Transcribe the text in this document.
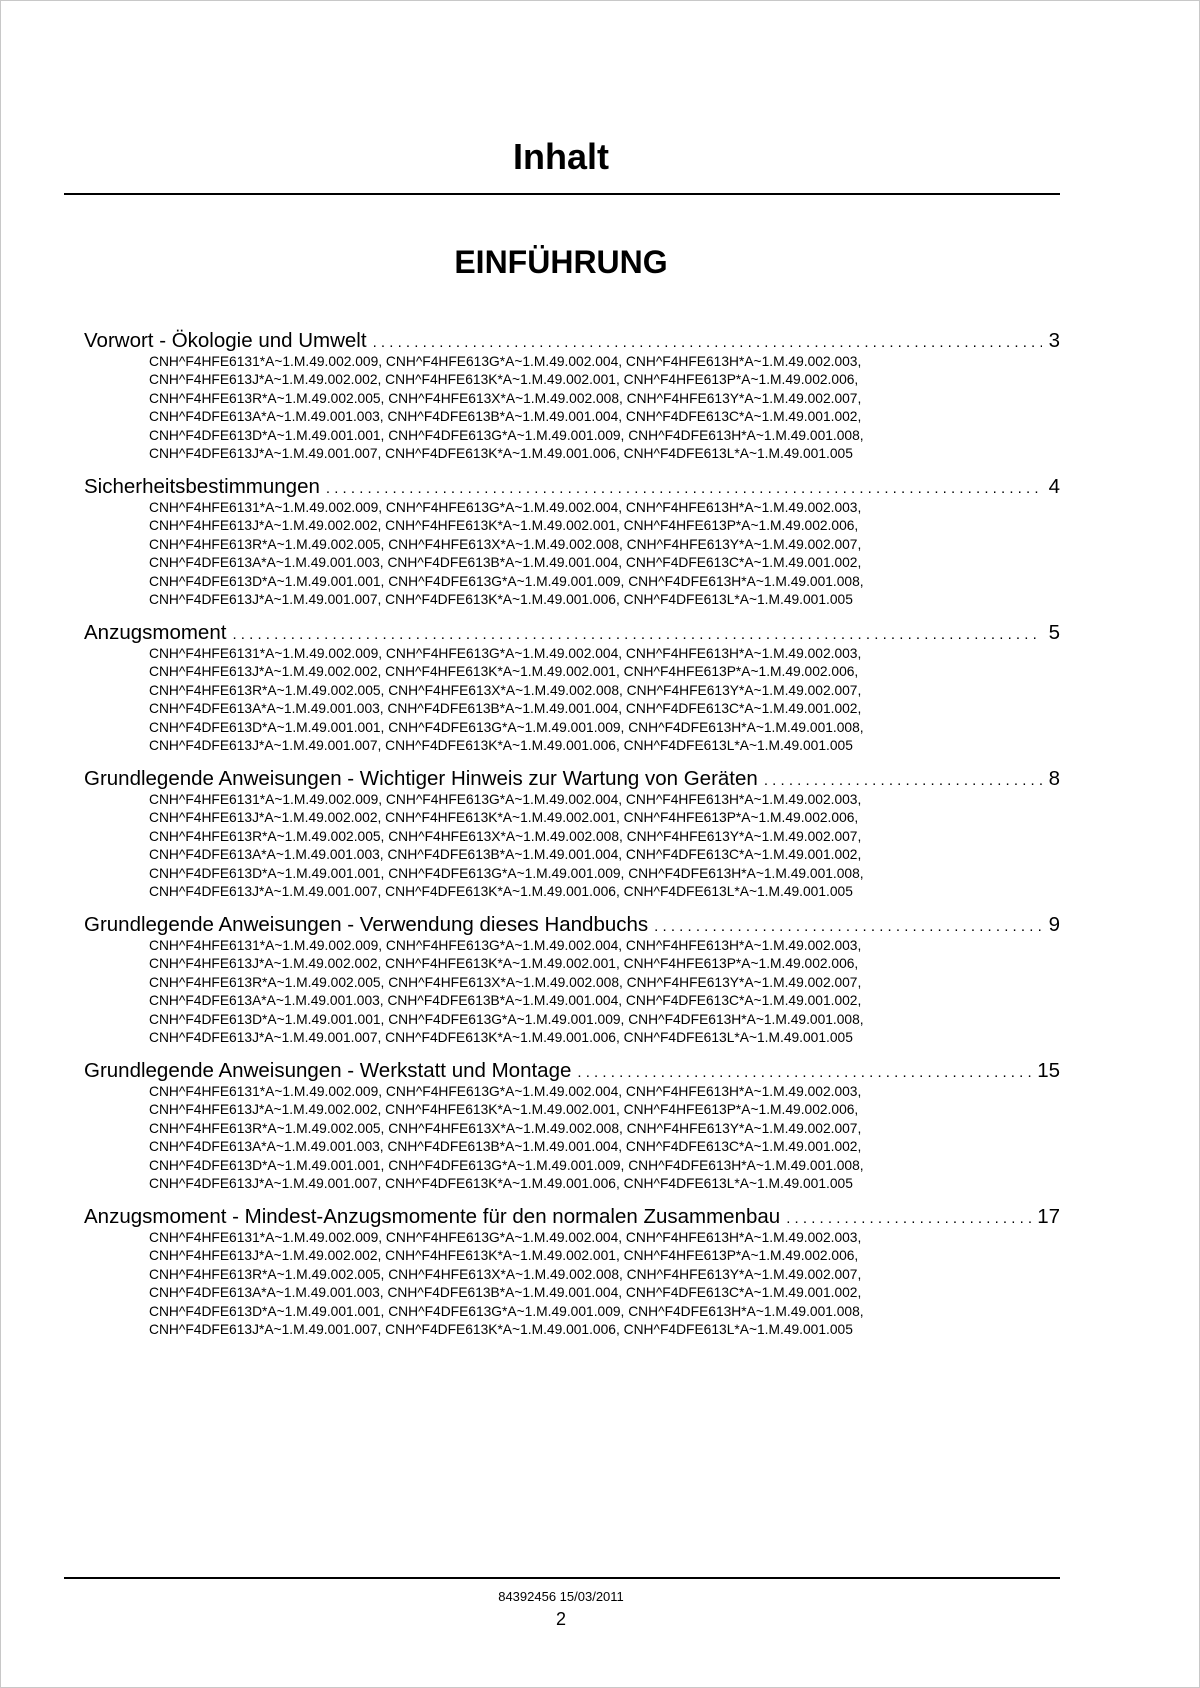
Inhalt
EINFÜHRUNG
Vorwort - Ökologie und Umwelt . . .	3
CNH^F4HFE6131*A~1.M.49.002.009, CNH^F4HFE613G*A~1.M.49.002.004, CNH^F4HFE613H*A~1.M.49.002.003,
CNH^F4HFE613J*A~1.M.49.002.002, CNH^F4HFE613K*A~1.M.49.002.001, CNH^F4HFE613P*A~1.M.49.002.006,
CNH^F4HFE613R*A~1.M.49.002.005, CNH^F4HFE613X*A~1.M.49.002.008, CNH^F4HFE613Y*A~1.M.49.002.007,
CNH^F4DFE613A*A~1.M.49.001.003, CNH^F4DFE613B*A~1.M.49.001.004, CNH^F4DFE613C*A~1.M.49.001.002,
CNH^F4DFE613D*A~1.M.49.001.001, CNH^F4DFE613G*A~1.M.49.001.009, CNH^F4DFE613H*A~1.M.49.001.008,
CNH^F4DFE613J*A~1.M.49.001.007, CNH^F4DFE613K*A~1.M.49.001.006, CNH^F4DFE613L*A~1.M.49.001.005
Sicherheitsbestimmungen . . .	4
CNH^F4HFE6131*A~1.M.49.002.009, CNH^F4HFE613G*A~1.M.49.002.004, CNH^F4HFE613H*A~1.M.49.002.003,
CNH^F4HFE613J*A~1.M.49.002.002, CNH^F4HFE613K*A~1.M.49.002.001, CNH^F4HFE613P*A~1.M.49.002.006,
CNH^F4HFE613R*A~1.M.49.002.005, CNH^F4HFE613X*A~1.M.49.002.008, CNH^F4HFE613Y*A~1.M.49.002.007,
CNH^F4DFE613A*A~1.M.49.001.003, CNH^F4DFE613B*A~1.M.49.001.004, CNH^F4DFE613C*A~1.M.49.001.002,
CNH^F4DFE613D*A~1.M.49.001.001, CNH^F4DFE613G*A~1.M.49.001.009, CNH^F4DFE613H*A~1.M.49.001.008,
CNH^F4DFE613J*A~1.M.49.001.007, CNH^F4DFE613K*A~1.M.49.001.006, CNH^F4DFE613L*A~1.M.49.001.005
Anzugsmoment . . .	5
CNH^F4HFE6131*A~1.M.49.002.009, CNH^F4HFE613G*A~1.M.49.002.004, CNH^F4HFE613H*A~1.M.49.002.003,
CNH^F4HFE613J*A~1.M.49.002.002, CNH^F4HFE613K*A~1.M.49.002.001, CNH^F4HFE613P*A~1.M.49.002.006,
CNH^F4HFE613R*A~1.M.49.002.005, CNH^F4HFE613X*A~1.M.49.002.008, CNH^F4HFE613Y*A~1.M.49.002.007,
CNH^F4DFE613A*A~1.M.49.001.003, CNH^F4DFE613B*A~1.M.49.001.004, CNH^F4DFE613C*A~1.M.49.001.002,
CNH^F4DFE613D*A~1.M.49.001.001, CNH^F4DFE613G*A~1.M.49.001.009, CNH^F4DFE613H*A~1.M.49.001.008,
CNH^F4DFE613J*A~1.M.49.001.007, CNH^F4DFE613K*A~1.M.49.001.006, CNH^F4DFE613L*A~1.M.49.001.005
Grundlegende Anweisungen - Wichtiger Hinweis zur Wartung von Geräten . . .	8
CNH^F4HFE6131*A~1.M.49.002.009, CNH^F4HFE613G*A~1.M.49.002.004, CNH^F4HFE613H*A~1.M.49.002.003,
CNH^F4HFE613J*A~1.M.49.002.002, CNH^F4HFE613K*A~1.M.49.002.001, CNH^F4HFE613P*A~1.M.49.002.006,
CNH^F4HFE613R*A~1.M.49.002.005, CNH^F4HFE613X*A~1.M.49.002.008, CNH^F4HFE613Y*A~1.M.49.002.007,
CNH^F4DFE613A*A~1.M.49.001.003, CNH^F4DFE613B*A~1.M.49.001.004, CNH^F4DFE613C*A~1.M.49.001.002,
CNH^F4DFE613D*A~1.M.49.001.001, CNH^F4DFE613G*A~1.M.49.001.009, CNH^F4DFE613H*A~1.M.49.001.008,
CNH^F4DFE613J*A~1.M.49.001.007, CNH^F4DFE613K*A~1.M.49.001.006, CNH^F4DFE613L*A~1.M.49.001.005
Grundlegende Anweisungen - Verwendung dieses Handbuchs . . .	9
CNH^F4HFE6131*A~1.M.49.002.009, CNH^F4HFE613G*A~1.M.49.002.004, CNH^F4HFE613H*A~1.M.49.002.003,
CNH^F4HFE613J*A~1.M.49.002.002, CNH^F4HFE613K*A~1.M.49.002.001, CNH^F4HFE613P*A~1.M.49.002.006,
CNH^F4HFE613R*A~1.M.49.002.005, CNH^F4HFE613X*A~1.M.49.002.008, CNH^F4HFE613Y*A~1.M.49.002.007,
CNH^F4DFE613A*A~1.M.49.001.003, CNH^F4DFE613B*A~1.M.49.001.004, CNH^F4DFE613C*A~1.M.49.001.002,
CNH^F4DFE613D*A~1.M.49.001.001, CNH^F4DFE613G*A~1.M.49.001.009, CNH^F4DFE613H*A~1.M.49.001.008,
CNH^F4DFE613J*A~1.M.49.001.007, CNH^F4DFE613K*A~1.M.49.001.006, CNH^F4DFE613L*A~1.M.49.001.005
Grundlegende Anweisungen - Werkstatt und Montage . . .	15
CNH^F4HFE6131*A~1.M.49.002.009, CNH^F4HFE613G*A~1.M.49.002.004, CNH^F4HFE613H*A~1.M.49.002.003,
CNH^F4HFE613J*A~1.M.49.002.002, CNH^F4HFE613K*A~1.M.49.002.001, CNH^F4HFE613P*A~1.M.49.002.006,
CNH^F4HFE613R*A~1.M.49.002.005, CNH^F4HFE613X*A~1.M.49.002.008, CNH^F4HFE613Y*A~1.M.49.002.007,
CNH^F4DFE613A*A~1.M.49.001.003, CNH^F4DFE613B*A~1.M.49.001.004, CNH^F4DFE613C*A~1.M.49.001.002,
CNH^F4DFE613D*A~1.M.49.001.001, CNH^F4DFE613G*A~1.M.49.001.009, CNH^F4DFE613H*A~1.M.49.001.008,
CNH^F4DFE613J*A~1.M.49.001.007, CNH^F4DFE613K*A~1.M.49.001.006, CNH^F4DFE613L*A~1.M.49.001.005
Anzugsmoment - Mindest-Anzugsmomente für den normalen Zusammenbau . . .	17
CNH^F4HFE6131*A~1.M.49.002.009, CNH^F4HFE613G*A~1.M.49.002.004, CNH^F4HFE613H*A~1.M.49.002.003,
CNH^F4HFE613J*A~1.M.49.002.002, CNH^F4HFE613K*A~1.M.49.002.001, CNH^F4HFE613P*A~1.M.49.002.006,
CNH^F4HFE613R*A~1.M.49.002.005, CNH^F4HFE613X*A~1.M.49.002.008, CNH^F4HFE613Y*A~1.M.49.002.007,
CNH^F4DFE613A*A~1.M.49.001.003, CNH^F4DFE613B*A~1.M.49.001.004, CNH^F4DFE613C*A~1.M.49.001.002,
CNH^F4DFE613D*A~1.M.49.001.001, CNH^F4DFE613G*A~1.M.49.001.009, CNH^F4DFE613H*A~1.M.49.001.008,
CNH^F4DFE613J*A~1.M.49.001.007, CNH^F4DFE613K*A~1.M.49.001.006, CNH^F4DFE613L*A~1.M.49.001.005
84392456 15/03/2011
2
